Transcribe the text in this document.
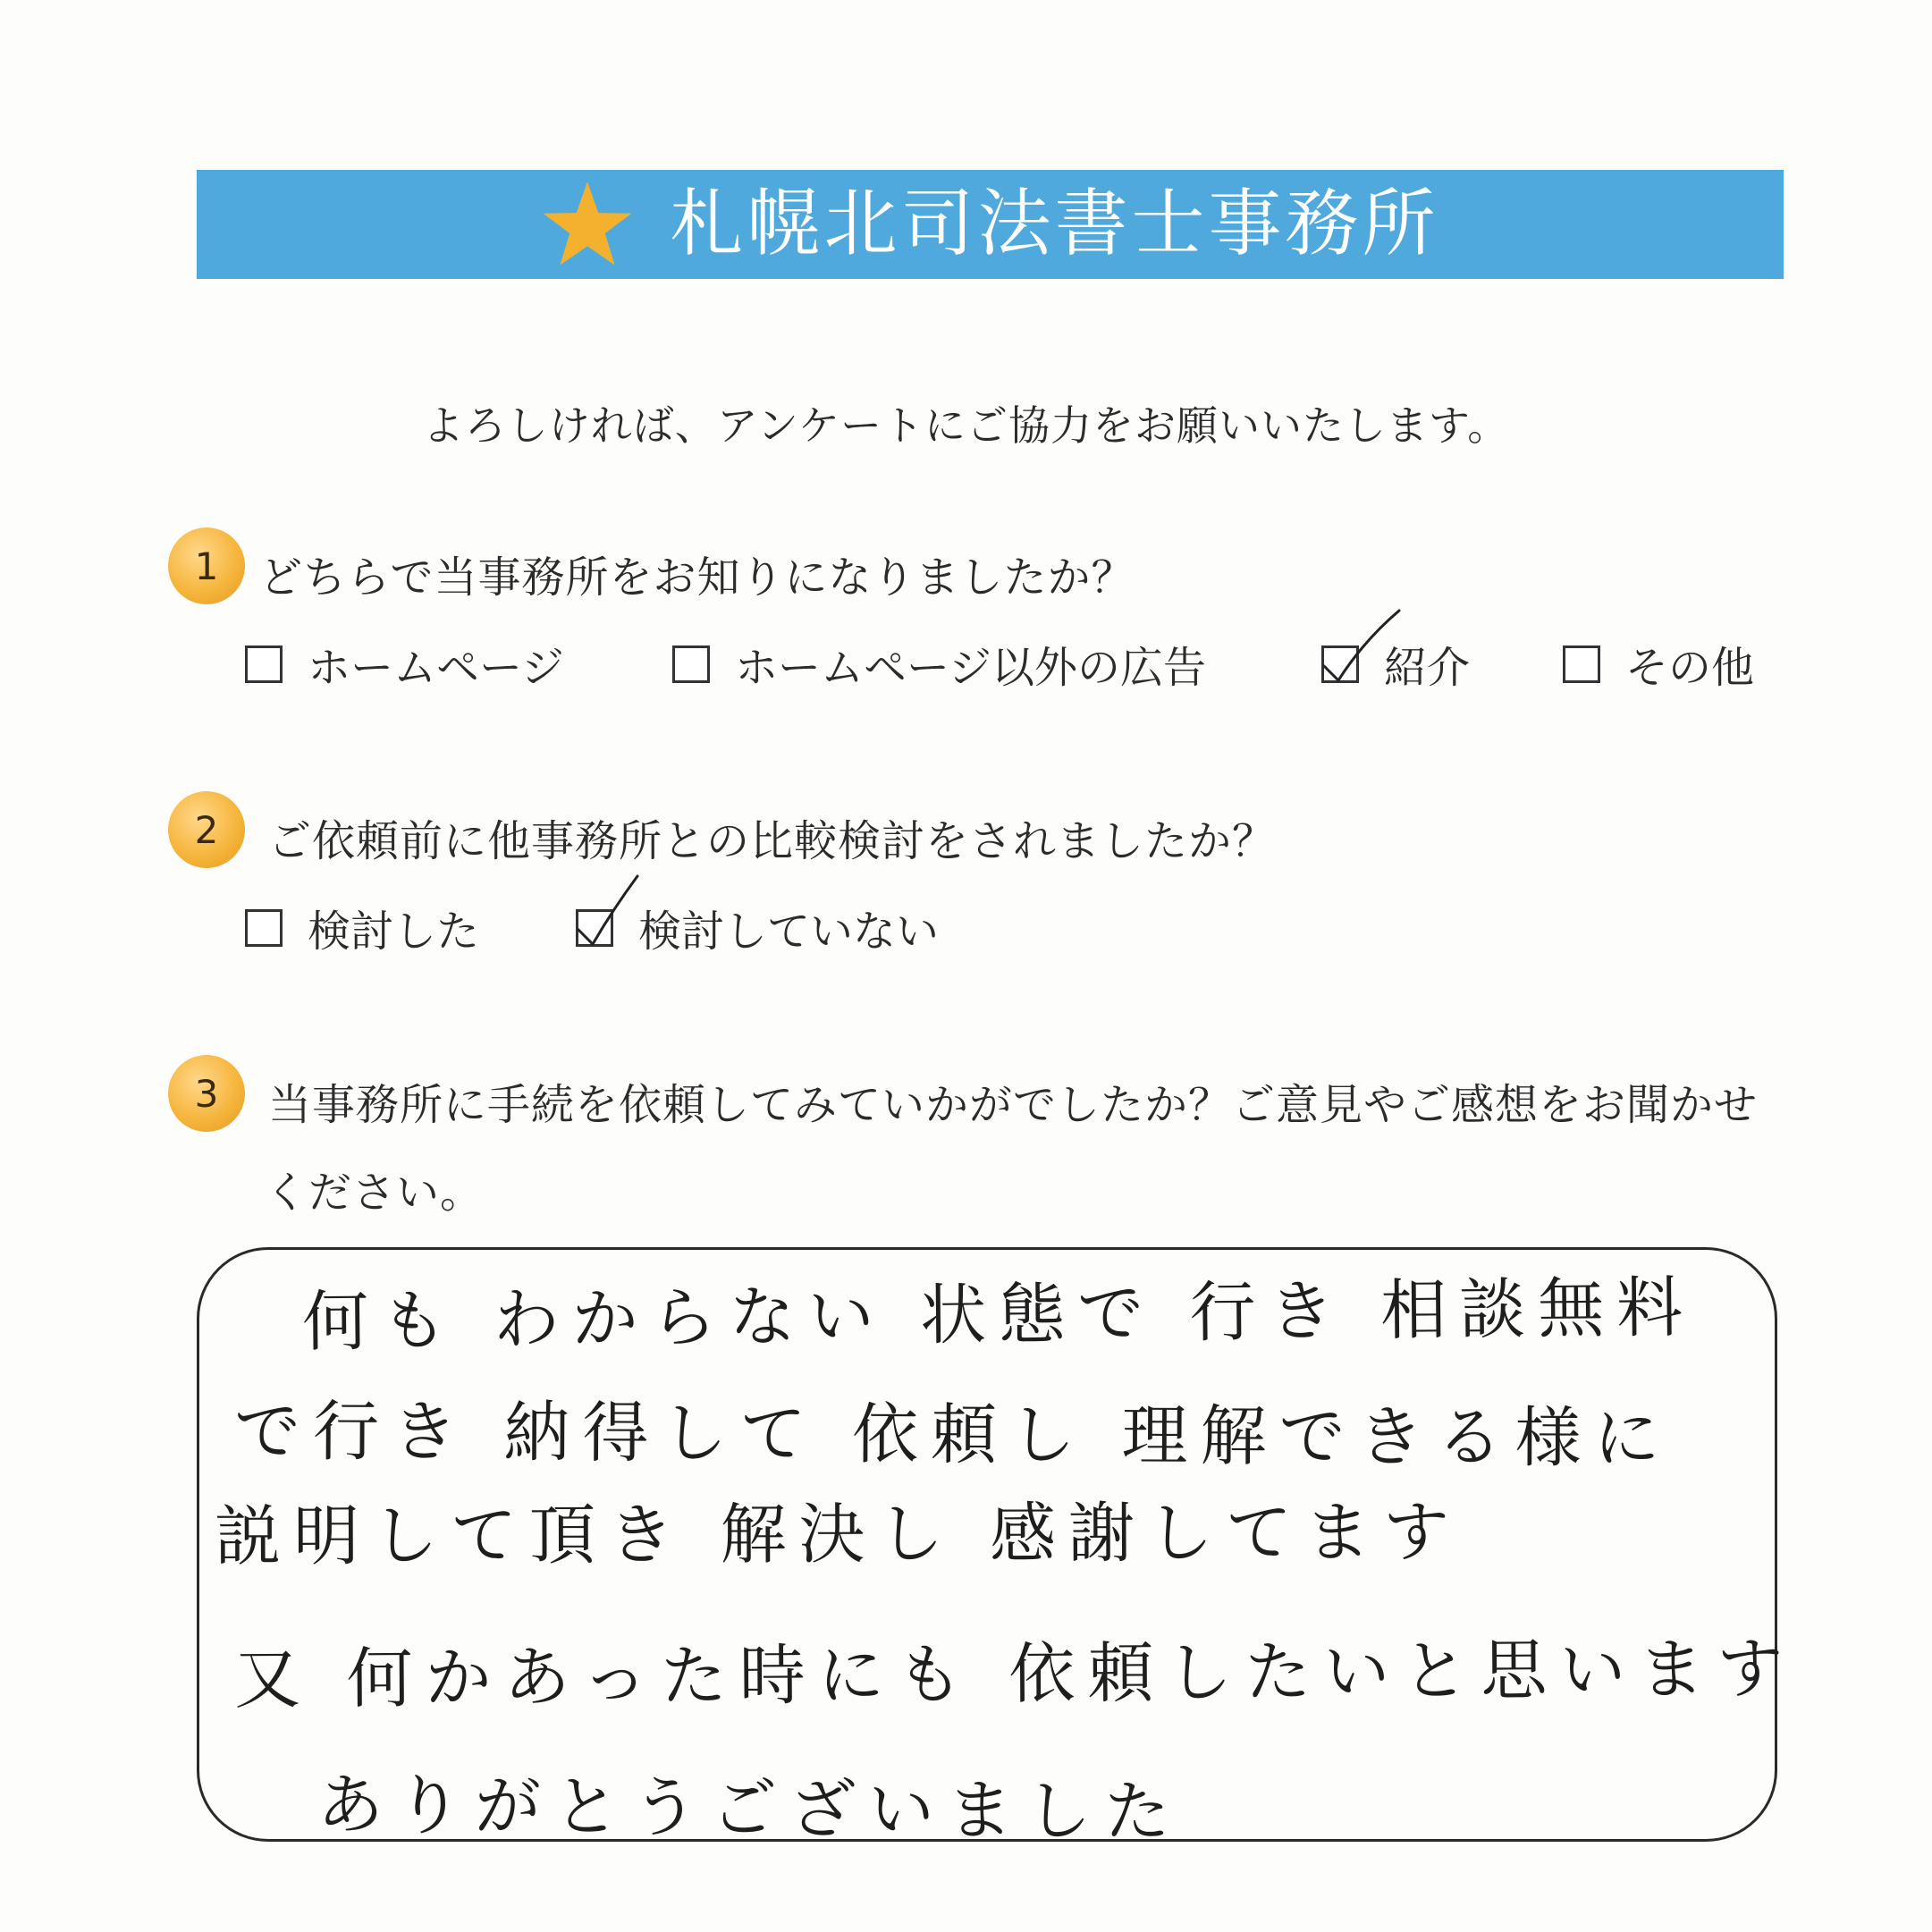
札幌北司法書士事務所
よろしければ、アンケートにご協力をお願いいたします。
1 どちらで当事務所をお知りになりましたか？
ホームページ	ホームページ以外の広告	紹介	その他
2	ご依頼前に他事務所との比較検討をされましたか？
検討した	検討していない
3	当事務所に手続を依頼してみていかがでしたか？ご意見やご感想をお聞かせ
ください。
何も わからない 状態で 行き 相談無料
で行き 納得して 依頼し 理解できる様に
説明して頂き 解決し 感謝してます
又 何かあった時にも 依頼したいと思います
ありがとうございました
